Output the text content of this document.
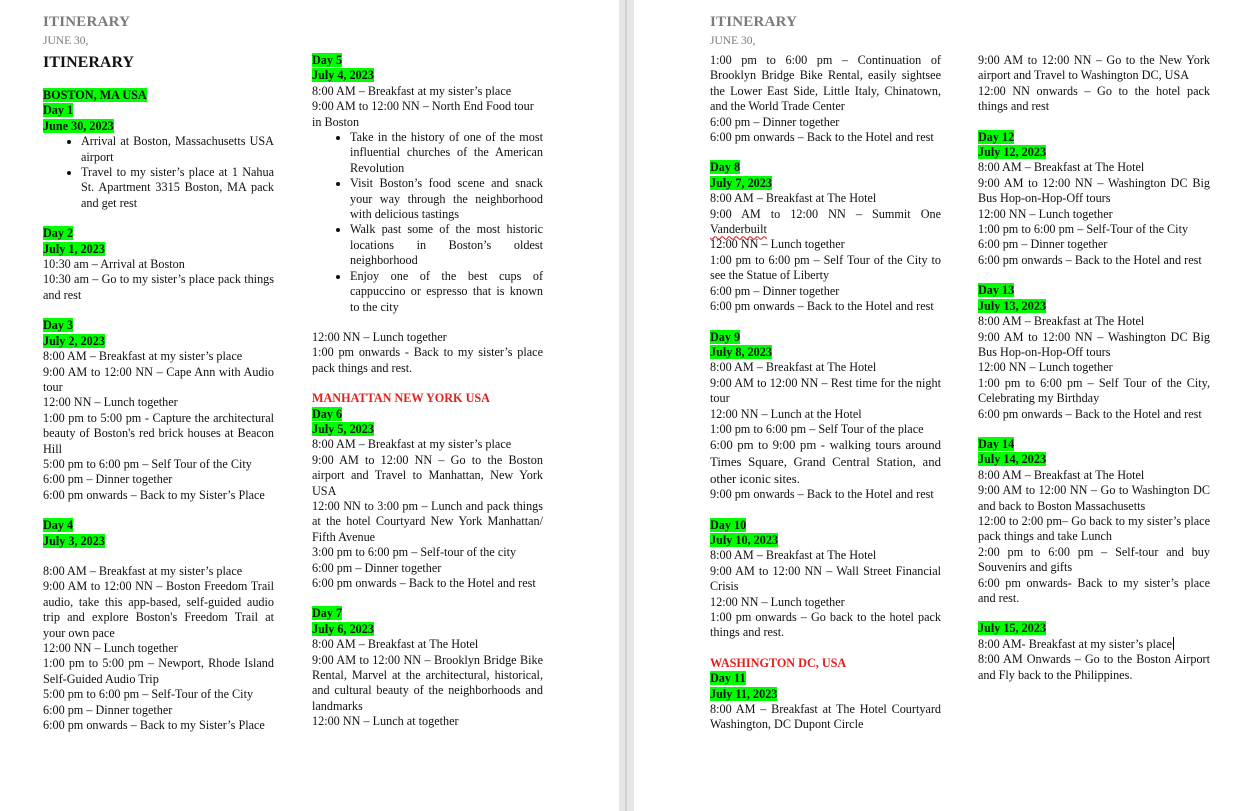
ITINERARY
JUNE 30,

ITINERARY

BOSTON, MA USA

Day 1

June 30, 2023

• Arrival at Boston, Massachusetts USA airport
• Travel to my sister’s place at 1 Nahua St. Apartment 3315 Boston, MA pack and get rest

Day 2

July 1, 2023

10:30 am – Arrival at Boston

10:30 am – Go to my sister’s place pack things and rest

Day 3

July 2, 2023

8:00 AM – Breakfast at my sister’s place

9:00 AM to 12:00 NN – Cape Ann with Audio tour

12:00 NN – Lunch together

1:00 pm to 5:00 pm - Capture the architectural beauty of Boston's red brick houses at Beacon Hill

5:00 pm to 6:00 pm – Self Tour of the City

6:00 pm – Dinner together

6:00 pm onwards – Back to my Sister’s Place

Day 4

July 3, 2023

8:00 AM – Breakfast at my sister’s place

9:00 AM to 12:00 NN – Boston Freedom Trail audio, take this app-based, self-guided audio trip and explore Boston's Freedom Trail at your own pace

12:00 NN – Lunch together

1:00 pm to 5:00 pm – Newport, Rhode Island Self-Guided Audio Trip

5:00 pm to 6:00 pm – Self-Tour of the City

6:00 pm – Dinner together

6:00 pm onwards – Back to my Sister’s Place

Day 5

July 4, 2023

8:00 AM – Breakfast at my sister’s place

9:00 AM to 12:00 NN – North End Food tour in Boston

• Take in the history of one of the most influential churches of the American Revolution
• Visit Boston’s food scene and snack your way through the neighborhood with delicious tastings
• Walk past some of the most historic locations in Boston’s oldest neighborhood
• Enjoy one of the best cups of cappuccino or espresso that is known to the city

12:00 NN – Lunch together

1:00 pm onwards - Back to my sister’s place pack things and rest.

MANHATTAN NEW YORK USA

Day 6

July 5, 2023

8:00 AM – Breakfast at my sister’s place

9:00 AM to 12:00 NN – Go to the Boston airport and Travel to Manhattan, New York USA

12:00 NN to 3:00 pm – Lunch and pack things at the hotel Courtyard New York Manhattan/ Fifth Avenue

3:00 pm to 6:00 pm – Self-tour of the city

6:00 pm – Dinner together

6:00 pm onwards – Back to the Hotel and rest

Day 7

July 6, 2023

8:00 AM – Breakfast at The Hotel

9:00 AM to 12:00 NN – Brooklyn Bridge Bike Rental, Marvel at the architectural, historical, and cultural beauty of the neighborhoods and landmarks

12:00 NN – Lunch at together

ITINERARY
JUNE 30,

1:00 pm to 6:00 pm – Continuation of Brooklyn Bridge Bike Rental, easily sightsee the Lower East Side, Little Italy, Chinatown, and the World Trade Center

6:00 pm – Dinner together

6:00 pm onwards – Back to the Hotel and rest

Day 8

July 7, 2023

8:00 AM – Breakfast at The Hotel

9:00 AM to 12:00 NN – Summit One Vanderbuilt

12:00 NN – Lunch together

1:00 pm to 6:00 pm – Self Tour of the City to see the Statue of Liberty

6:00 pm – Dinner together

6:00 pm onwards – Back to the Hotel and rest

Day 9

July 8, 2023

8:00 AM – Breakfast at The Hotel

9:00 AM to 12:00 NN – Rest time for the night tour

12:00 NN – Lunch at the Hotel

1:00 pm to 6:00 pm – Self Tour of the place

6:00 pm to 9:00 pm - walking tours around Times Square, Grand Central Station, and other iconic sites.

9:00 pm onwards – Back to the Hotel and rest

Day 10

July 10, 2023

8:00 AM – Breakfast at The Hotel

9:00 AM to 12:00 NN – Wall Street Financial Crisis

12:00 NN – Lunch together

1:00 pm onwards – Go back to the hotel pack things and rest.

WASHINGTON DC, USA

Day 11

July 11, 2023

8:00 AM – Breakfast at The Hotel Courtyard Washington, DC Dupont Circle

9:00 AM to 12:00 NN – Go to the New York airport and Travel to Washington DC, USA

12:00 NN onwards – Go to the hotel pack things and rest

Day 12

July 12, 2023

8:00 AM – Breakfast at The Hotel

9:00 AM to 12:00 NN – Washington DC Big Bus Hop-on-Hop-Off tours

12:00 NN – Lunch together

1:00 pm to 6:00 pm – Self-Tour of the City

6:00 pm – Dinner together

6:00 pm onwards – Back to the Hotel and rest

Day 13

July 13, 2023

8:00 AM – Breakfast at The Hotel

9:00 AM to 12:00 NN – Washington DC Big Bus Hop-on-Hop-Off tours

12:00 NN – Lunch together

1:00 pm to 6:00 pm – Self Tour of the City, Celebrating my Birthday

6:00 pm onwards – Back to the Hotel and rest

Day 14

July 14, 2023

8:00 AM – Breakfast at The Hotel

9:00 AM to 12:00 NN – Go to Washington DC and back to Boston Massachusetts

12:00 to 2:00 pm– Go back to my sister’s place pack things and take Lunch

2:00 pm to 6:00 pm – Self-tour and buy Souvenirs and gifts

6:00 pm onwards- Back to my sister’s place and rest.

July 15, 2023

8:00 AM- Breakfast at my sister’s place

8:00 AM Onwards – Go to the Boston Airport and Fly back to the Philippines.
